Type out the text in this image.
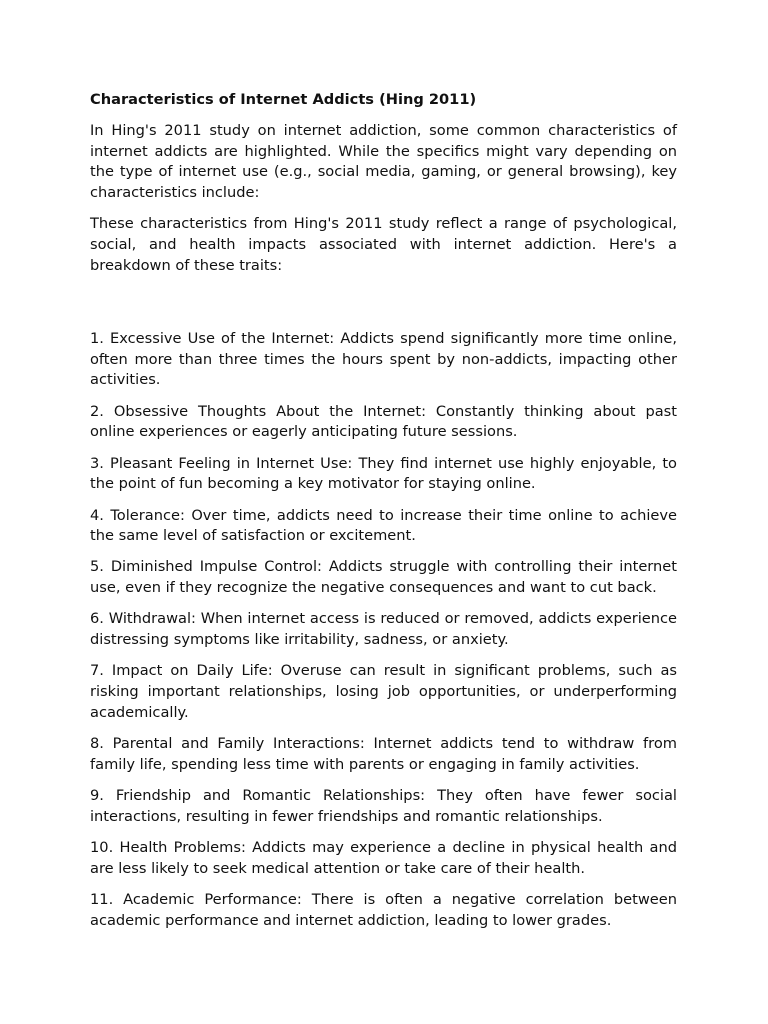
Characteristics of Internet Addicts (Hing 2011)

In Hing's 2011 study on internet addiction, some common characteristics of internet addicts are highlighted. While the specifics might vary depending on the type of internet use (e.g., social media, gaming, or general browsing), key characteristics include:

These characteristics from Hing's 2011 study reflect a range of psychological, social, and health impacts associated with internet addiction. Here's a breakdown of these traits:

1. Excessive Use of the Internet: Addicts spend significantly more time online, often more than three times the hours spent by non-addicts, impacting other activities.

2. Obsessive Thoughts About the Internet: Constantly thinking about past online experiences or eagerly anticipating future sessions.

3. Pleasant Feeling in Internet Use: They find internet use highly enjoyable, to the point of fun becoming a key motivator for staying online.

4. Tolerance: Over time, addicts need to increase their time online to achieve the same level of satisfaction or excitement.

5. Diminished Impulse Control: Addicts struggle with controlling their internet use, even if they recognize the negative consequences and want to cut back.

6. Withdrawal: When internet access is reduced or removed, addicts experience distressing symptoms like irritability, sadness, or anxiety.

7. Impact on Daily Life: Overuse can result in significant problems, such as risking important relationships, losing job opportunities, or underperforming academically.

8. Parental and Family Interactions: Internet addicts tend to withdraw from family life, spending less time with parents or engaging in family activities.

9. Friendship and Romantic Relationships: They often have fewer social interactions, resulting in fewer friendships and romantic relationships.

10. Health Problems: Addicts may experience a decline in physical health and are less likely to seek medical attention or take care of their health.

11. Academic Performance: There is often a negative correlation between academic performance and internet addiction, leading to lower grades.
